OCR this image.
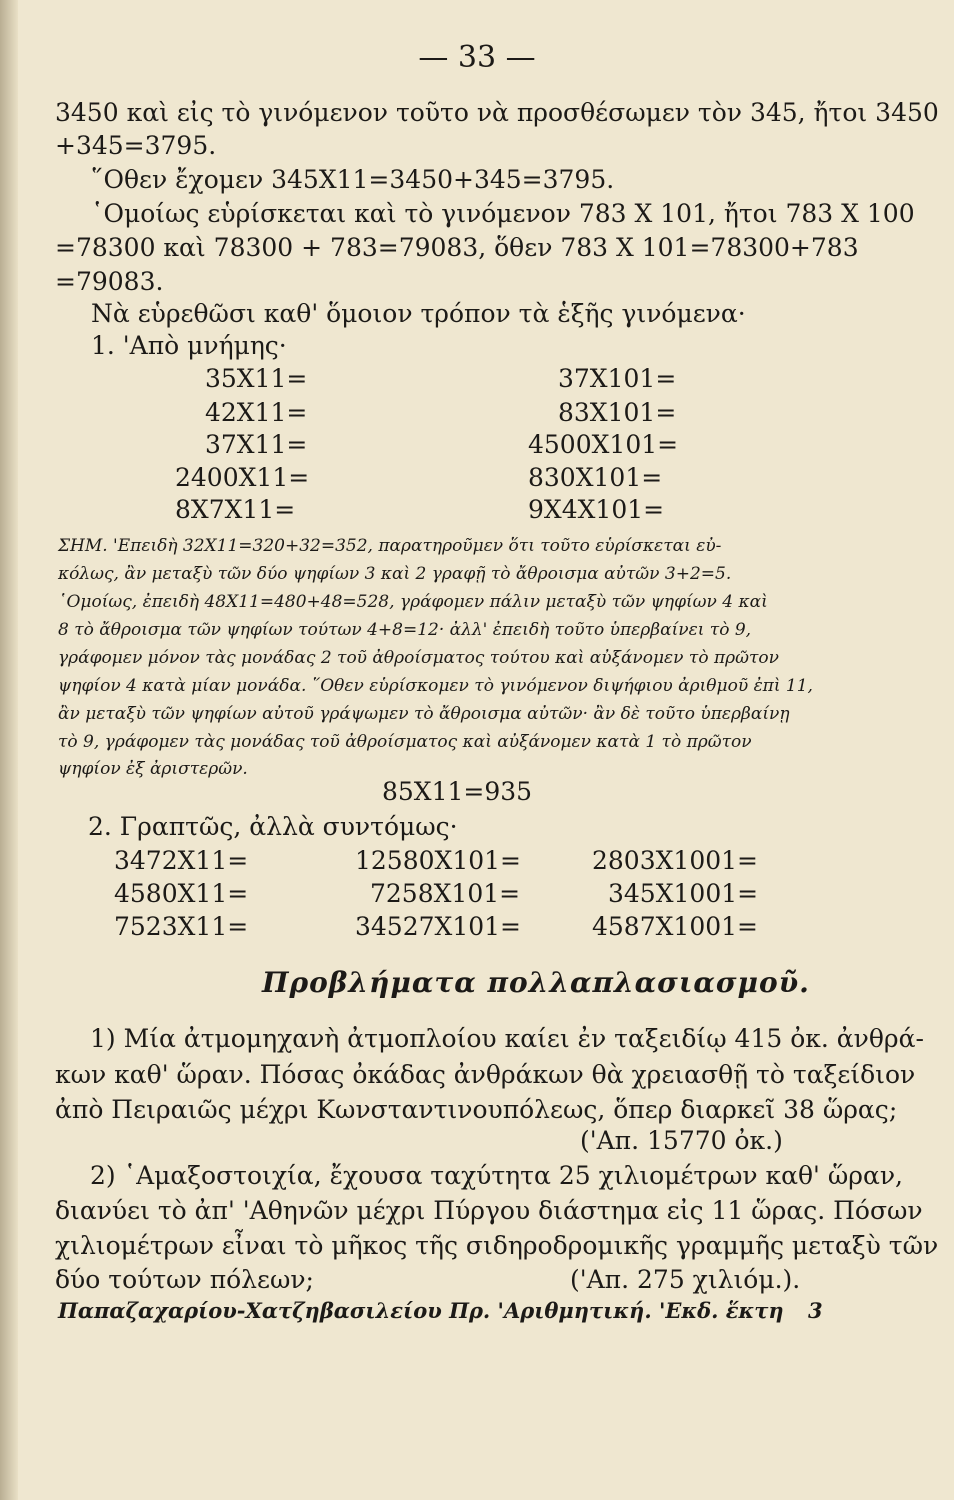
— 33 —
3450 καὶ εἰς τὸ γινόμενον τοῦτο νὰ προσθέσωμεν τὸν 345, ἤτοι 3450
+345=3795.
῞Οθεν ἔχομεν 345X11=3450+345=3795.
῾Ομοίως εὑρίσκεται καὶ τὸ γινόμενον 783 X 101, ἤτοι 783 X 100
=78300 καὶ 78300 + 783=79083, ὅθεν 783 X 101=78300+783
=79083.
Νὰ εὑρεθῶσι καθ' ὅμοιον τρόπον τὰ ἑξῆς γινόμενα·
1. 'Απὸ μνήμης·
35X11=
42X11=
37X11=
2400X11=
8X7X11=
37X101=
83X101=
4500X101=
830X101=
9X4X101=
ΣΗΜ. 'Επειδὴ 32X11=320+32=352, παρατηροῦμεν ὅτι τοῦτο εὑρίσκεται εὐ-
κόλως, ἂν μεταξὺ τῶν δύο ψηφίων 3 καὶ 2 γραφῇ τὸ ἄθροισμα αὐτῶν 3+2=5.
῾Ομοίως, ἐπειδὴ 48X11=480+48=528, γράφομεν πάλιν μεταξὺ τῶν ψηφίων 4 καὶ
8 τὸ ἄθροισμα τῶν ψηφίων τούτων 4+8=12· ἀλλ' ἐπειδὴ τοῦτο ὑπερβαίνει τὸ 9,
γράφομεν μόνον τὰς μονάδας 2 τοῦ ἀθροίσματος τούτου καὶ αὐξάνομεν τὸ πρῶτον
ψηφίον 4 κατὰ μίαν μονάδα. ῞Οθεν εὑρίσκομεν τὸ γινόμενον διψήφιου ἀριθμοῦ ἐπὶ 11,
ἂν μεταξὺ τῶν ψηφίων αὐτοῦ γράψωμεν τὸ ἄθροισμα αὐτῶν· ἂν δὲ τοῦτο ὑπερβαίνῃ
τὸ 9, γράφομεν τὰς μονάδας τοῦ ἀθροίσματος καὶ αὐξάνομεν κατὰ 1 τὸ πρῶτον
ψηφίον ἐξ ἀριστερῶν.
85X11=935
2. Γραπτῶς, ἀλλὰ συντόμως·
3472X11=
4580X11=
7523X11=
12580X101=
7258X101=
34527X101=
2803X1001=
345X1001=
4587X1001=
Προβλήματα πολλαπλασιασμοῦ.
1) Μία ἀτμομηχανὴ ἀτμοπλοίου καίει ἐν ταξειδίῳ 415 ὀκ. ἀνθρά-
κων καθ' ὥραν. Πόσας ὀκάδας ἀνθράκων θὰ χρειασθῇ τὸ ταξείδιον
ἀπὸ Πειραιῶς μέχρι Κωνσταντινουπόλεως, ὅπερ διαρκεῖ 38 ὥρας;
('Απ. 15770 ὀκ.)
2) ῾Αμαξοστοιχία, ἔχουσα ταχύτητα 25 χιλιομέτρων καθ' ὥραν,
διανύει τὸ ἀπ' 'Αθηνῶν μέχρι Πύργου διάστημα εἰς 11 ὥρας. Πόσων
χιλιομέτρων εἶναι τὸ μῆκος τῆς σιδηροδρομικῆς γραμμῆς μεταξὺ τῶν
δύο τούτων πόλεων;	('Απ. 275 χιλιόμ.).
Παπαζαχαρίου-Χατζηβασιλείου Πρ. 'Αριθμητική. 'Εκδ. ἕκτη 3
